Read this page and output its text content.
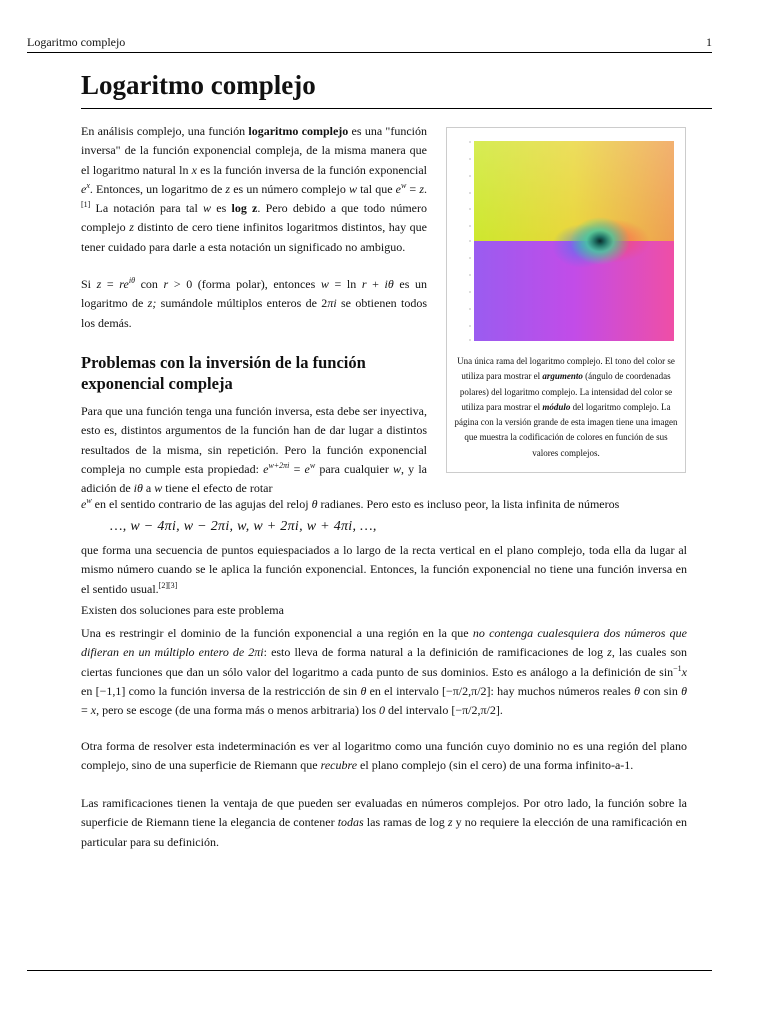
Logaritmo complejo	1
Logaritmo complejo

En análisis complejo, una función logaritmo complejo es una "función inversa" de la función exponencial compleja, de la misma manera que el logaritmo natural ln x es la función inversa de la función exponencial $e^x$. Entonces, un logaritmo de z es un número complejo w tal que $e^w = z.[1]$ La notación para tal w es log z. Pero debido a que todo número complejo z distinto de cero tiene infinitos logaritmos distintos, hay que tener cuidado para darle a esta notación un significado no ambiguo.

Si $z = re^{i\theta}$ con r > 0 (forma polar), entonces w = ln r + iθ es un logaritmo de z; sumándole múltiplos enteros de 2πi se obtienen todos los demás.

Una única rama del logaritmo complejo. El tono del color se utiliza para mostrar el argumento (ángulo de coordenadas polares) del logaritmo complejo. La intensidad del color se utiliza para mostrar el módulo del logaritmo complejo. La página con la versión grande de esta imagen tiene una imagen que muestra la codificación de colores en función de sus valores complejos.

Problemas con la inversión de la función exponencial compleja

Para que una función tenga una función inversa, esta debe ser inyectiva, esto es, distintos argumentos de la función han de dar lugar a distintos resultados de la misma, sin repetición. Pero la función exponencial compleja no cumple esta propiedad: $e^{w+2\pi i} = e^w$ para cualquier w, y la adición de iθ a w tiene el efecto de rotar

$e^w$ en el sentido contrario de las agujas del reloj θ radianes. Pero esto es incluso peor, la lista infinita de números

…, w − 4πi, w − 2πi, w, w + 2πi, w + 4πi, …,

que forma una secuencia de puntos equiespaciados a lo largo de la recta vertical en el plano complejo, toda ella da lugar al mismo número cuando se le aplica la función exponencial. Entonces, la función exponencial no tiene una función inversa en el sentido usual.[2][3]

Existen dos soluciones para este problema

Una es restringir el dominio de la función exponencial a una región en la que no contenga cualesquiera dos números que difieran en un múltiplo entero de 2πi: esto lleva de forma natural a la definición de ramificaciones de log z, las cuales son ciertas funciones que dan un sólo valor del logaritmo a cada punto de sus dominios. Esto es análogo a la definición de $\sin^{-1}x$ en [−1,1] como la función inversa de la restricción de sin θ en el intervalo [−π/2,π/2]: hay muchos números reales θ con sin θ = x, pero se escoge (de una forma más o menos arbitraria) los 0 del intervalo [−π/2,π/2].

Otra forma de resolver esta indeterminación es ver al logaritmo como una función cuyo dominio no es una región del plano complejo, sino de una superficie de Riemann que recubre el plano complejo (sin el cero) de una forma infinito-a-1.

Las ramificaciones tienen la ventaja de que pueden ser evaluadas en números complejos. Por otro lado, la función sobre la superficie de Riemann tiene la elegancia de contener todas las ramas de log z y no requiere la elección de una ramificación en particular para su definición.
